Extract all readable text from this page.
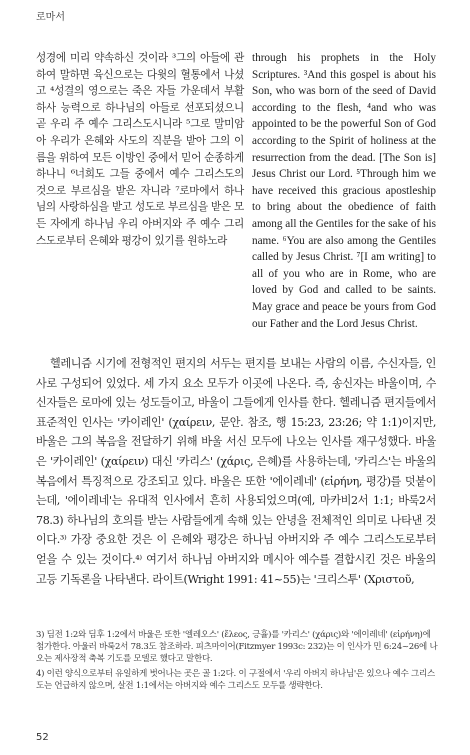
로마서

성경에 미리 약속하신 것이라 ³그의 아들에 관하여 말하면 육신으로는 다윗의 혈통에서 나셨고 ⁴성결의 영으로는 죽은 자들 가운데서 부활하사 능력으로 하나님의 아들로 선포되셨으니 곧 우리 주 예수 그리스도시니라 ⁵그로 말미암아 우리가 은혜와 사도의 직분을 받아 그의 이름을 위하여 모든 이방인 중에서 믿어 순종하게 하나니 ⁶너희도 그들 중에서 예수 그리스도의 것으로 부르심을 받은 자니라 ⁷로마에서 하나님의 사랑하심을 받고 성도로 부르심을 받은 모든 자에게 하나님 우리 아버지와 주 예수 그리스도로부터 은혜와 평강이 있기를 원하노라

through his prophets in the Holy Scriptures. ³And this gospel is about his Son, who was born of the seed of David according to the flesh, ⁴and who was appointed to be the powerful Son of God according to the Spirit of holiness at the resurrection from the dead. [The Son is] Jesus Christ our Lord. ⁵Through him we have received this gracious apostleship to bring about the obedience of faith among all the Gentiles for the sake of his name. ⁶You are also among the Gentiles called by Jesus Christ. ⁷[I am writing] to all of you who are in Rome, who are loved by God and called to be saints. May grace and peace be yours from God our Father and the Lord Jesus Christ.

헬레니즘 시기에 전형적인 편지의 서두는 편지를 보내는 사람의 이름, 수신자들, 인사로 구성되어 있었다. 세 가지 요소 모두가 이곳에 나온다. 즉, 송신자는 바울이며, 수신자들은 로마에 있는 성도들이고, 바울이 그들에게 인사를 한다. 헬레니즘 편지들에서 표준적인 인사는 '카이레인' (χαίρειν, 문안. 참조, 행 15:23, 23:26; 약 1:1)이지만, 바울은 그의 복음을 전달하기 위해 바울 서신 모두에 나오는 인사를 재구성했다. 바울은 '카이레인' (χαίρειν) 대신 '카리스' (χάρις, 은혜)를 사용하는데, '카리스'는 바울의 복음에서 특징적으로 강조되고 있다. 바울은 또한 '에이레네' (εἰρήνη, 평강)를 덧붙이는데, '에이레네'는 유대적 인사에서 흔히 사용되었으며(예, 마카비2서 1:1; 바룩2서 78.3) 하나님의 호의를 받는 사람들에게 속해 있는 안녕을 전체적인 의미로 나타낸 것이다.³⁾ 가장 중요한 것은 이 은혜와 평강은 하나님 아버지와 주 예수 그리스도로부터 얻을 수 있는 것이다.⁴⁾ 여기서 하나님 아버지와 메시아 예수를 결합시킨 것은 바울의 고등 기독론을 나타낸다. 라이트(Wright 1991: 41~55)는 '크리스투' (Χριστοῦ,

3) 딤전 1:2와 딤후 1:2에서 바울은 또한 '엘레오스' (ἔλεος, 긍휼)를 '카리스' (χάρις)와 '에이레네' (εἰρήνη)에 첨가한다. 아울러 바룩2서 78.3도 참조하라. 피츠마이어(Fitzmyer 1993c: 232)는 이 인사가 민 6:24~26에 나오는 제사장적 축복 기도를 모델로 했다고 말한다.

4) 이런 양식으로부터 유일하게 벗어나는 곳은 골 1:2다. 이 구절에서 '우리 아버지 하나님'은 있으나 예수 그리스도는 언급하지 않으며, 살전 1:1에서는 아버지와 예수 그리스도 모두를 생략한다.

52
